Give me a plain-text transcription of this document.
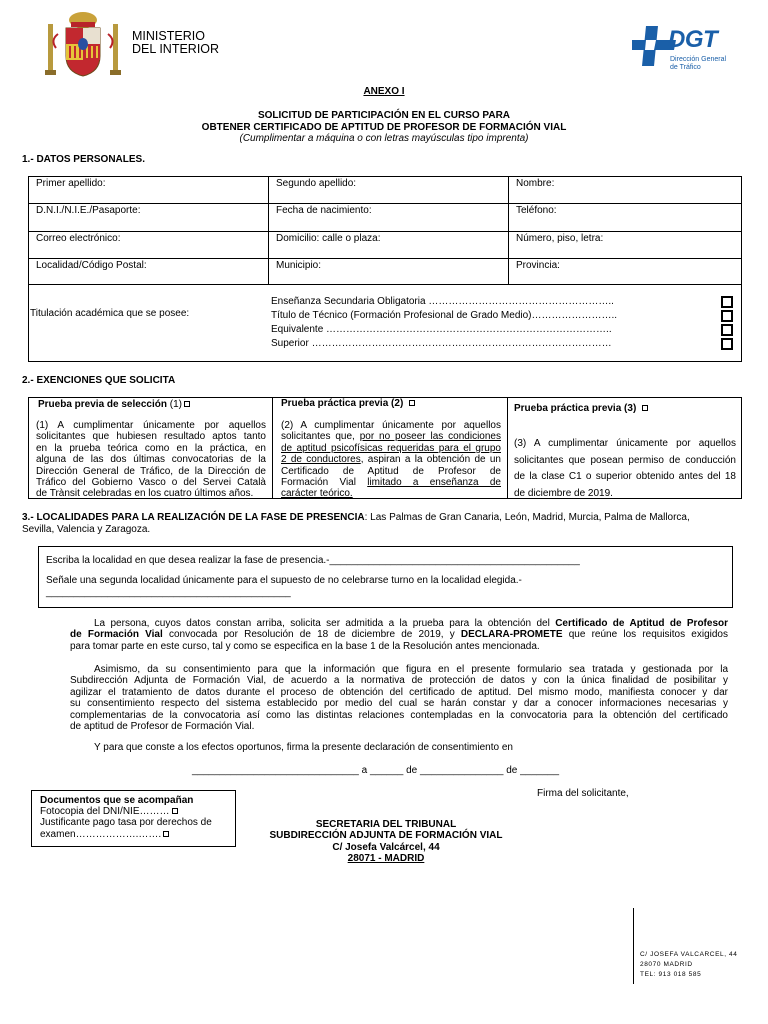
MINISTERIO
DEL INTERIOR	DGT
Dirección General
de Tráfico
ANEXO I
SOLICITUD DE PARTICIPACIÓN EN EL CURSO PARA
OBTENER CERTIFICADO DE APTITUD DE PROFESOR DE FORMACIÓN VIAL
(Cumplimentar a máquina o con letras mayúsculas tipo imprenta)
1.- DATOS PERSONALES.
Primer apellido:	Segundo apellido:	Nombre:
D.N.I./N.I.E./Pasaporte:	Fecha de nacimiento:	Teléfono:
Correo electrónico:	Domicilio: calle o plaza:	Número, piso, letra:
Localidad/Código Postal:	Municipio:	Provincia:
Titulación académica que se posee:
Enseñanza Secundaria Obligatoria ………………………………………………..
Título de Técnico (Formación Profesional de Grado Medio)……………………..
Equivalente …………………………………………………………………………..
Superior ………………………………………………………………………………
2.- EXENCIONES QUE SOLICITA
Prueba previa de selección (1)
(1) A cumplimentar únicamente por aquellos
solicitantes que hubiesen resultado aptos tanto
en la prueba teórica como en la práctica, en
alguna de las dos últimas convocatorias de la
Dirección General de Tráfico, de la Dirección de
Tráfico del Gobierno Vasco o del Servei Català
de Trànsit celebradas en los cuatro últimos años.
Prueba práctica previa (2)
(2) A cumplimentar únicamente por aquellos
solicitantes que, por no poseer las condiciones
de aptitud psicofísicas requeridas para el grupo
2 de conductores, aspiran a la obtención de un
Certificado de Aptitud de Profesor de
Formación Vial limitado a enseñanza de
carácter teórico.
Prueba práctica previa (3)
(3) A cumplimentar únicamente por aquellos
solicitantes que posean permiso de conducción
de la clase C1 o superior obtenido antes del 18
de diciembre de 2019.
3.- LOCALIDADES PARA LA REALIZACIÓN DE LA FASE DE PRESENCIA: Las Palmas de Gran Canaria, León, Madrid, Murcia, Palma de Mallorca,
Sevilla, Valencia y Zaragoza.
Escriba la localidad en que desea realizar la fase de presencia.-_____________________________________________
Señale una segunda localidad únicamente para el supuesto de no celebrarse turno en la localidad elegida.-
____________________________________________
La persona, cuyos datos constan arriba, solicita ser admitida a la prueba para la obtención del Certificado de Aptitud de Profesor
de Formación Vial convocada por Resolución de 18 de diciembre de 2019, y DECLARA-PROMETE que reúne los requisitos exigidos
para tomar parte en este curso, tal y como se especifica en la base 1 de la Resolución antes mencionada.
Asimismo, da su consentimiento para que la información que figura en el presente formulario sea tratada y gestionada por la
Subdirección Adjunta de Formación Vial, de acuerdo a la normativa de protección de datos y con la única finalidad de posibilitar y
agilizar el tratamiento de datos durante el proceso de obtención del certificado de aptitud. Del mismo modo, manifiesta conocer y dar
su consentimiento respecto del sistema establecido por medio del cual se harán constar y dar a conocer informaciones necesarias y
complementarias de la convocatoria así como las distintas relaciones contempladas en la convocatoria para la obtención del certificado
de aptitud de Profesor de Formación Vial.
Y para que conste a los efectos oportunos, firma la presente declaración de consentimiento en
______________________________ a ______ de _______________ de _______
Firma del solicitante,
Documentos que se acompañan
Fotocopia del DNI/NIE………
Justificante pago tasa por derechos de
examen……………….…….
SECRETARIA DEL TRIBUNAL
SUBDIRECCIÓN ADJUNTA DE FORMACIÓN VIAL
C/ Josefa Valcárcel, 44
28071 - MADRID
C/ JOSEFA VALCARCEL, 44
28070 MADRID
TEL: 913 018 585
